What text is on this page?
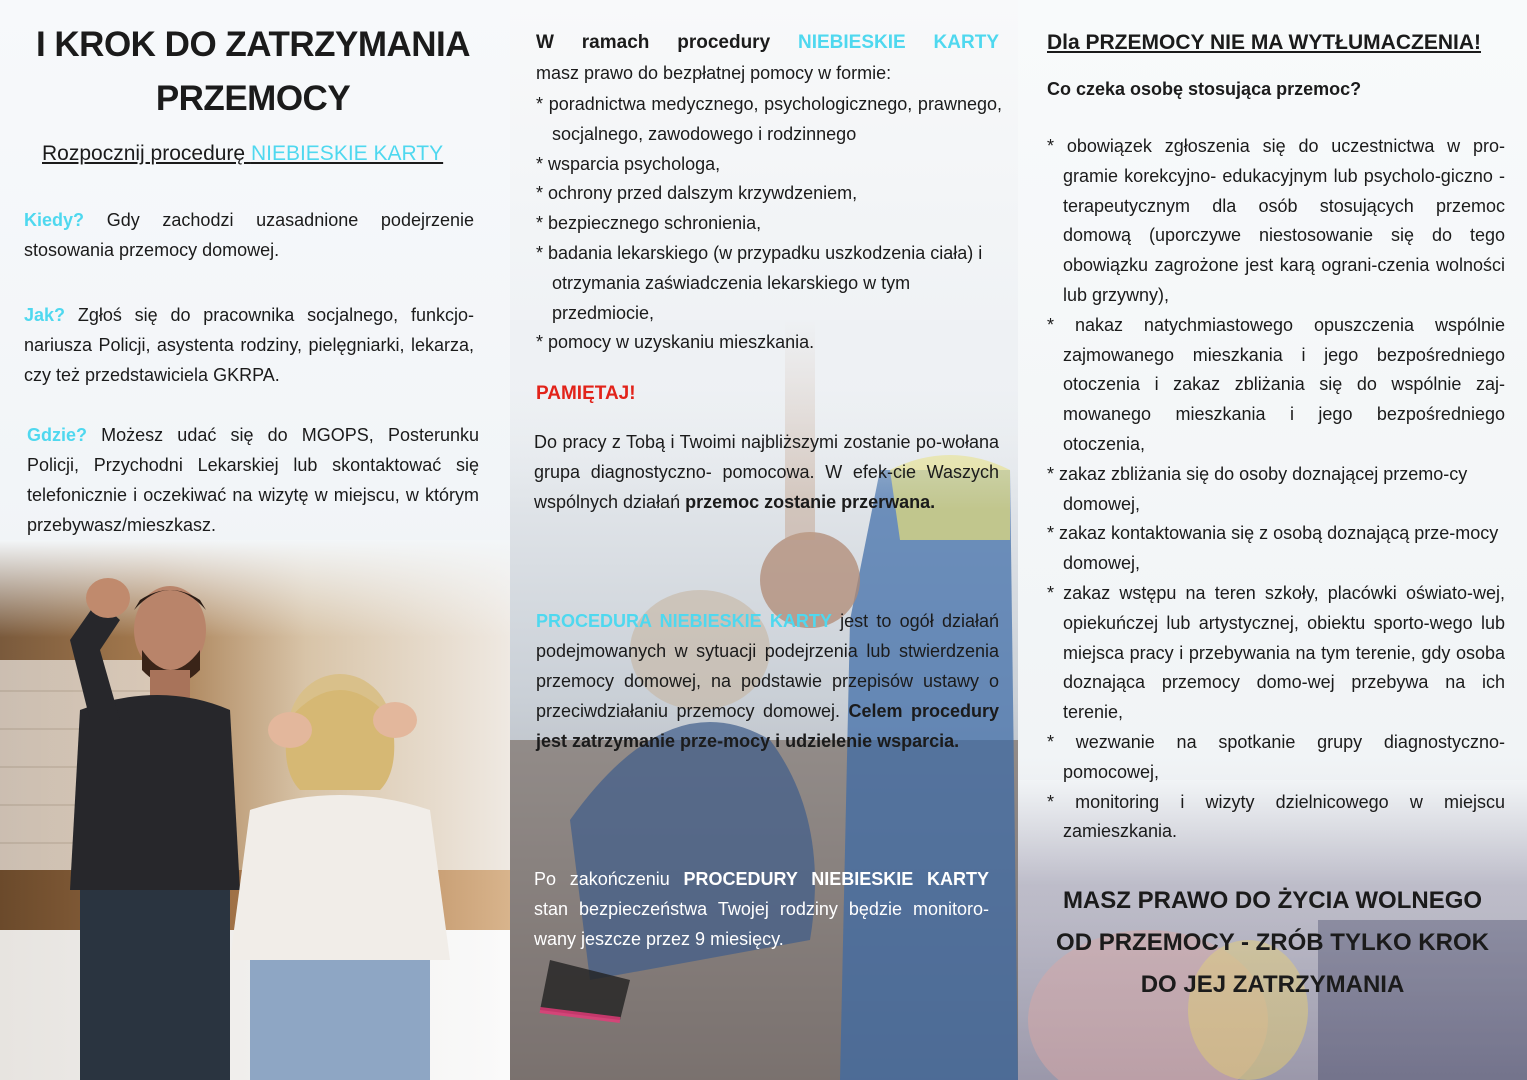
I KROK DO ZATRZYMANIA
PRZEMOCY
Rozpocznij procedurę NIEBIESKIE KARTY
Kiedy? Gdy zachodzi uzasadnione podejrzenie stosowania przemocy domowej.
Jak? Zgłoś się do pracownika socjalnego, funkcjo-nariusza Policji, asystenta rodziny, pielęgniarki, lekarza, czy też przedstawiciela GKRPA.
Gdzie? Możesz udać się do MGOPS, Posterunku Policji, Przychodni Lekarskiej lub skontaktować się telefonicznie i oczekiwać na wizytę w miejscu, w którym przebywasz/mieszkasz.
W ramach procedury NIEBIESKIE KARTY
masz prawo do bezpłatnej pomocy w formie:
* poradnictwa medycznego, psychologicznego, prawnego, socjalnego, zawodowego i rodzinnego
* wsparcia psychologa,
* ochrony przed dalszym krzywdzeniem,
* bezpiecznego schronienia,
* badania lekarskiego (w przypadku uszkodzenia ciała) i otrzymania zaświadczenia lekarskiego w tym przedmiocie,
* pomocy w uzyskaniu mieszkania.
PAMIĘTAJ!
Do pracy z Tobą i Twoimi najbliższymi zostanie po-wołana grupa diagnostyczno- pomocowa. W efek-cie Waszych wspólnych działań przemoc zostanie przerwana.
PROCEDURA NIEBIESKIE KARTY jest to ogół działań podejmowanych w sytuacji podejrzenia lub stwierdzenia przemocy domowej, na podstawie przepisów ustawy o przeciwdziałaniu przemocy domowej. Celem procedury jest zatrzymanie prze-mocy i udzielenie wsparcia.
Po zakończeniu PROCEDURY NIEBIESKIE KARTY stan bezpieczeństwa Twojej rodziny będzie monitoro-wany jeszcze przez 9 miesięcy.
Dla PRZEMOCY NIE MA WYTŁUMACZENIA!
Co czeka osobę stosująca przemoc?
* obowiązek zgłoszenia się do uczestnictwa w pro-gramie korekcyjno- edukacyjnym lub psycholo-giczno - terapeutycznym dla osób stosujących przemoc domową (uporczywe niestosowanie się do tego obowiązku zagrożone jest karą ograni-czenia wolności lub grzywny),
* nakaz natychmiastowego opuszczenia wspólnie zajmowanego mieszkania i jego bezpośredniego otoczenia i zakaz zbliżania się do wspólnie zaj-mowanego mieszkania i jego bezpośredniego otoczenia,
* zakaz zbliżania się do osoby doznającej przemo-cy domowej,
* zakaz kontaktowania się z osobą doznającą prze-mocy domowej,
* zakaz wstępu na teren szkoły, placówki oświato-wej, opiekuńczej lub artystycznej, obiektu sporto-wego lub miejsca pracy i przebywania na tym terenie, gdy osoba doznająca przemocy domo-wej przebywa na ich terenie,
* wezwanie na spotkanie grupy diagnostyczno-pomocowej,
* monitoring i wizyty dzielnicowego w miejscu zamieszkania.
MASZ PRAWO DO ŻYCIA WOLNEGO
OD PRZEMOCY - ZRÓB TYLKO KROK
DO JEJ ZATRZYMANIA
